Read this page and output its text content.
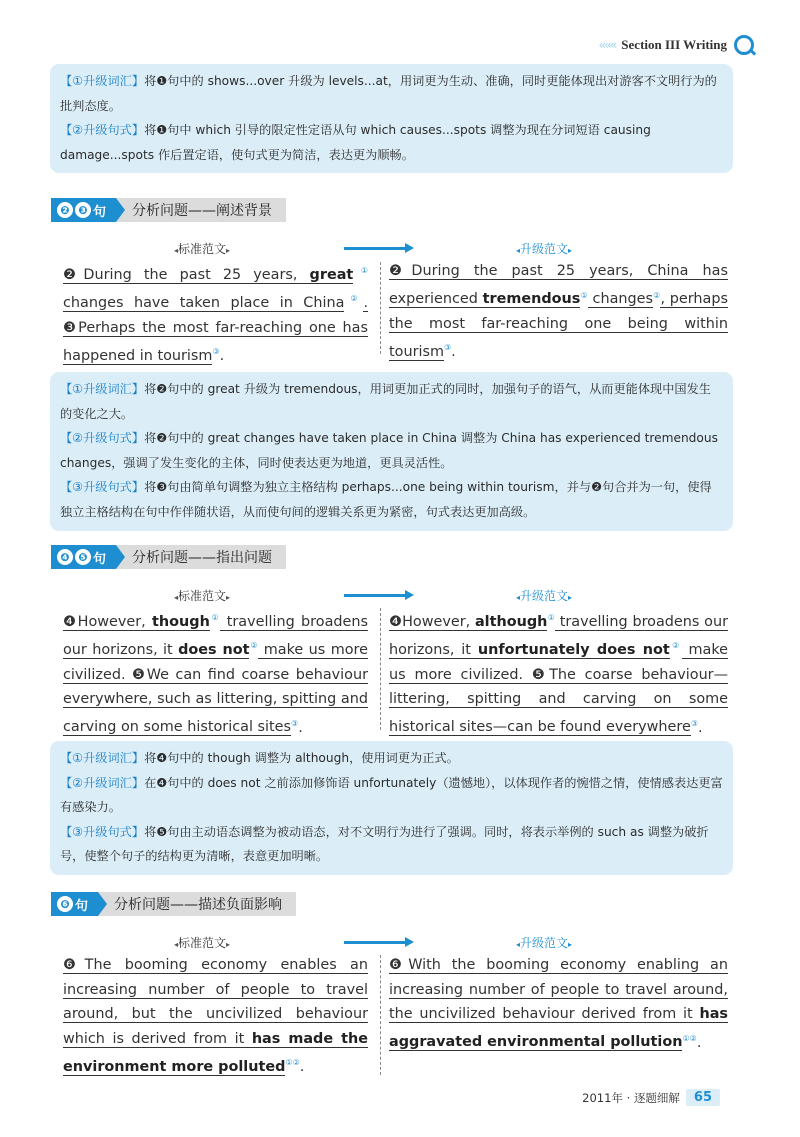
‹‹‹‹‹‹ Section III Writing

【①升级词汇】将❶句中的 shows...over 升级为 levels...at，用词更为生动、准确，同时更能体现出对游客不文明行为的批判态度。

【②升级句式】将❶句中 which 引导的限定性定语从句 which causes...spots 调整为现在分词短语 causing damage...spots 作后置定语，使句式更为简洁，表达更为顺畅。

❷ ❸ 句	分析问题——阐述背景
◂标准范文▸	◂升级范文▸
❷During the past 25 years, great① changes have taken place in China②. ❸Perhaps the most far-reaching one has happened in tourism③.
❷During the past 25 years, China has experienced tremendous① changes②, perhaps the most far-reaching one being within tourism③.

【①升级词汇】将❷句中的 great 升级为 tremendous，用词更加正式的同时，加强句子的语气，从而更能体现中国发生的变化之大。

【②升级句式】将❷句中的 great changes have taken place in China 调整为 China has experienced tremendous changes，强调了发生变化的主体，同时使表达更为地道，更具灵活性。

【③升级句式】将❸句由简单句调整为独立主格结构 perhaps...one being within tourism，并与❷句合并为一句，使得独立主格结构在句中作伴随状语，从而使句间的逻辑关系更为紧密，句式表达更加高级。

❹ ❺ 句	分析问题——指出问题
◂标准范文▸	◂升级范文▸
❹However, though① travelling broadens our horizons, it does not② make us more civilized. ❺We can find coarse behaviour everywhere, such as littering, spitting and carving on some historical sites③.
❹However, although① travelling broadens our horizons, it unfortunately does not② make us more civilized. ❺The coarse behaviour—littering, spitting and carving on some historical sites—can be found everywhere③.

【①升级词汇】将❹句中的 though 调整为 although，使用词更为正式。

【②升级词汇】在❹句中的 does not 之前添加修饰语 unfortunately（遗憾地），以体现作者的惋惜之情，使情感表达更富有感染力。

【③升级句式】将❺句由主动语态调整为被动语态，对不文明行为进行了强调。同时，将表示举例的 such as 调整为破折号，使整个句子的结构更为清晰，表意更加明晰。

❻ 句	分析问题——描述负面影响
◂标准范文▸	◂升级范文▸
❻The booming economy enables an increasing number of people to travel around, but the uncivilized behaviour which is derived from it has made the environment more polluted①②.
❻With the booming economy enabling an increasing number of people to travel around, the uncivilized behaviour derived from it has aggravated environmental pollution①②.
2011年 · 逐题细解	65
